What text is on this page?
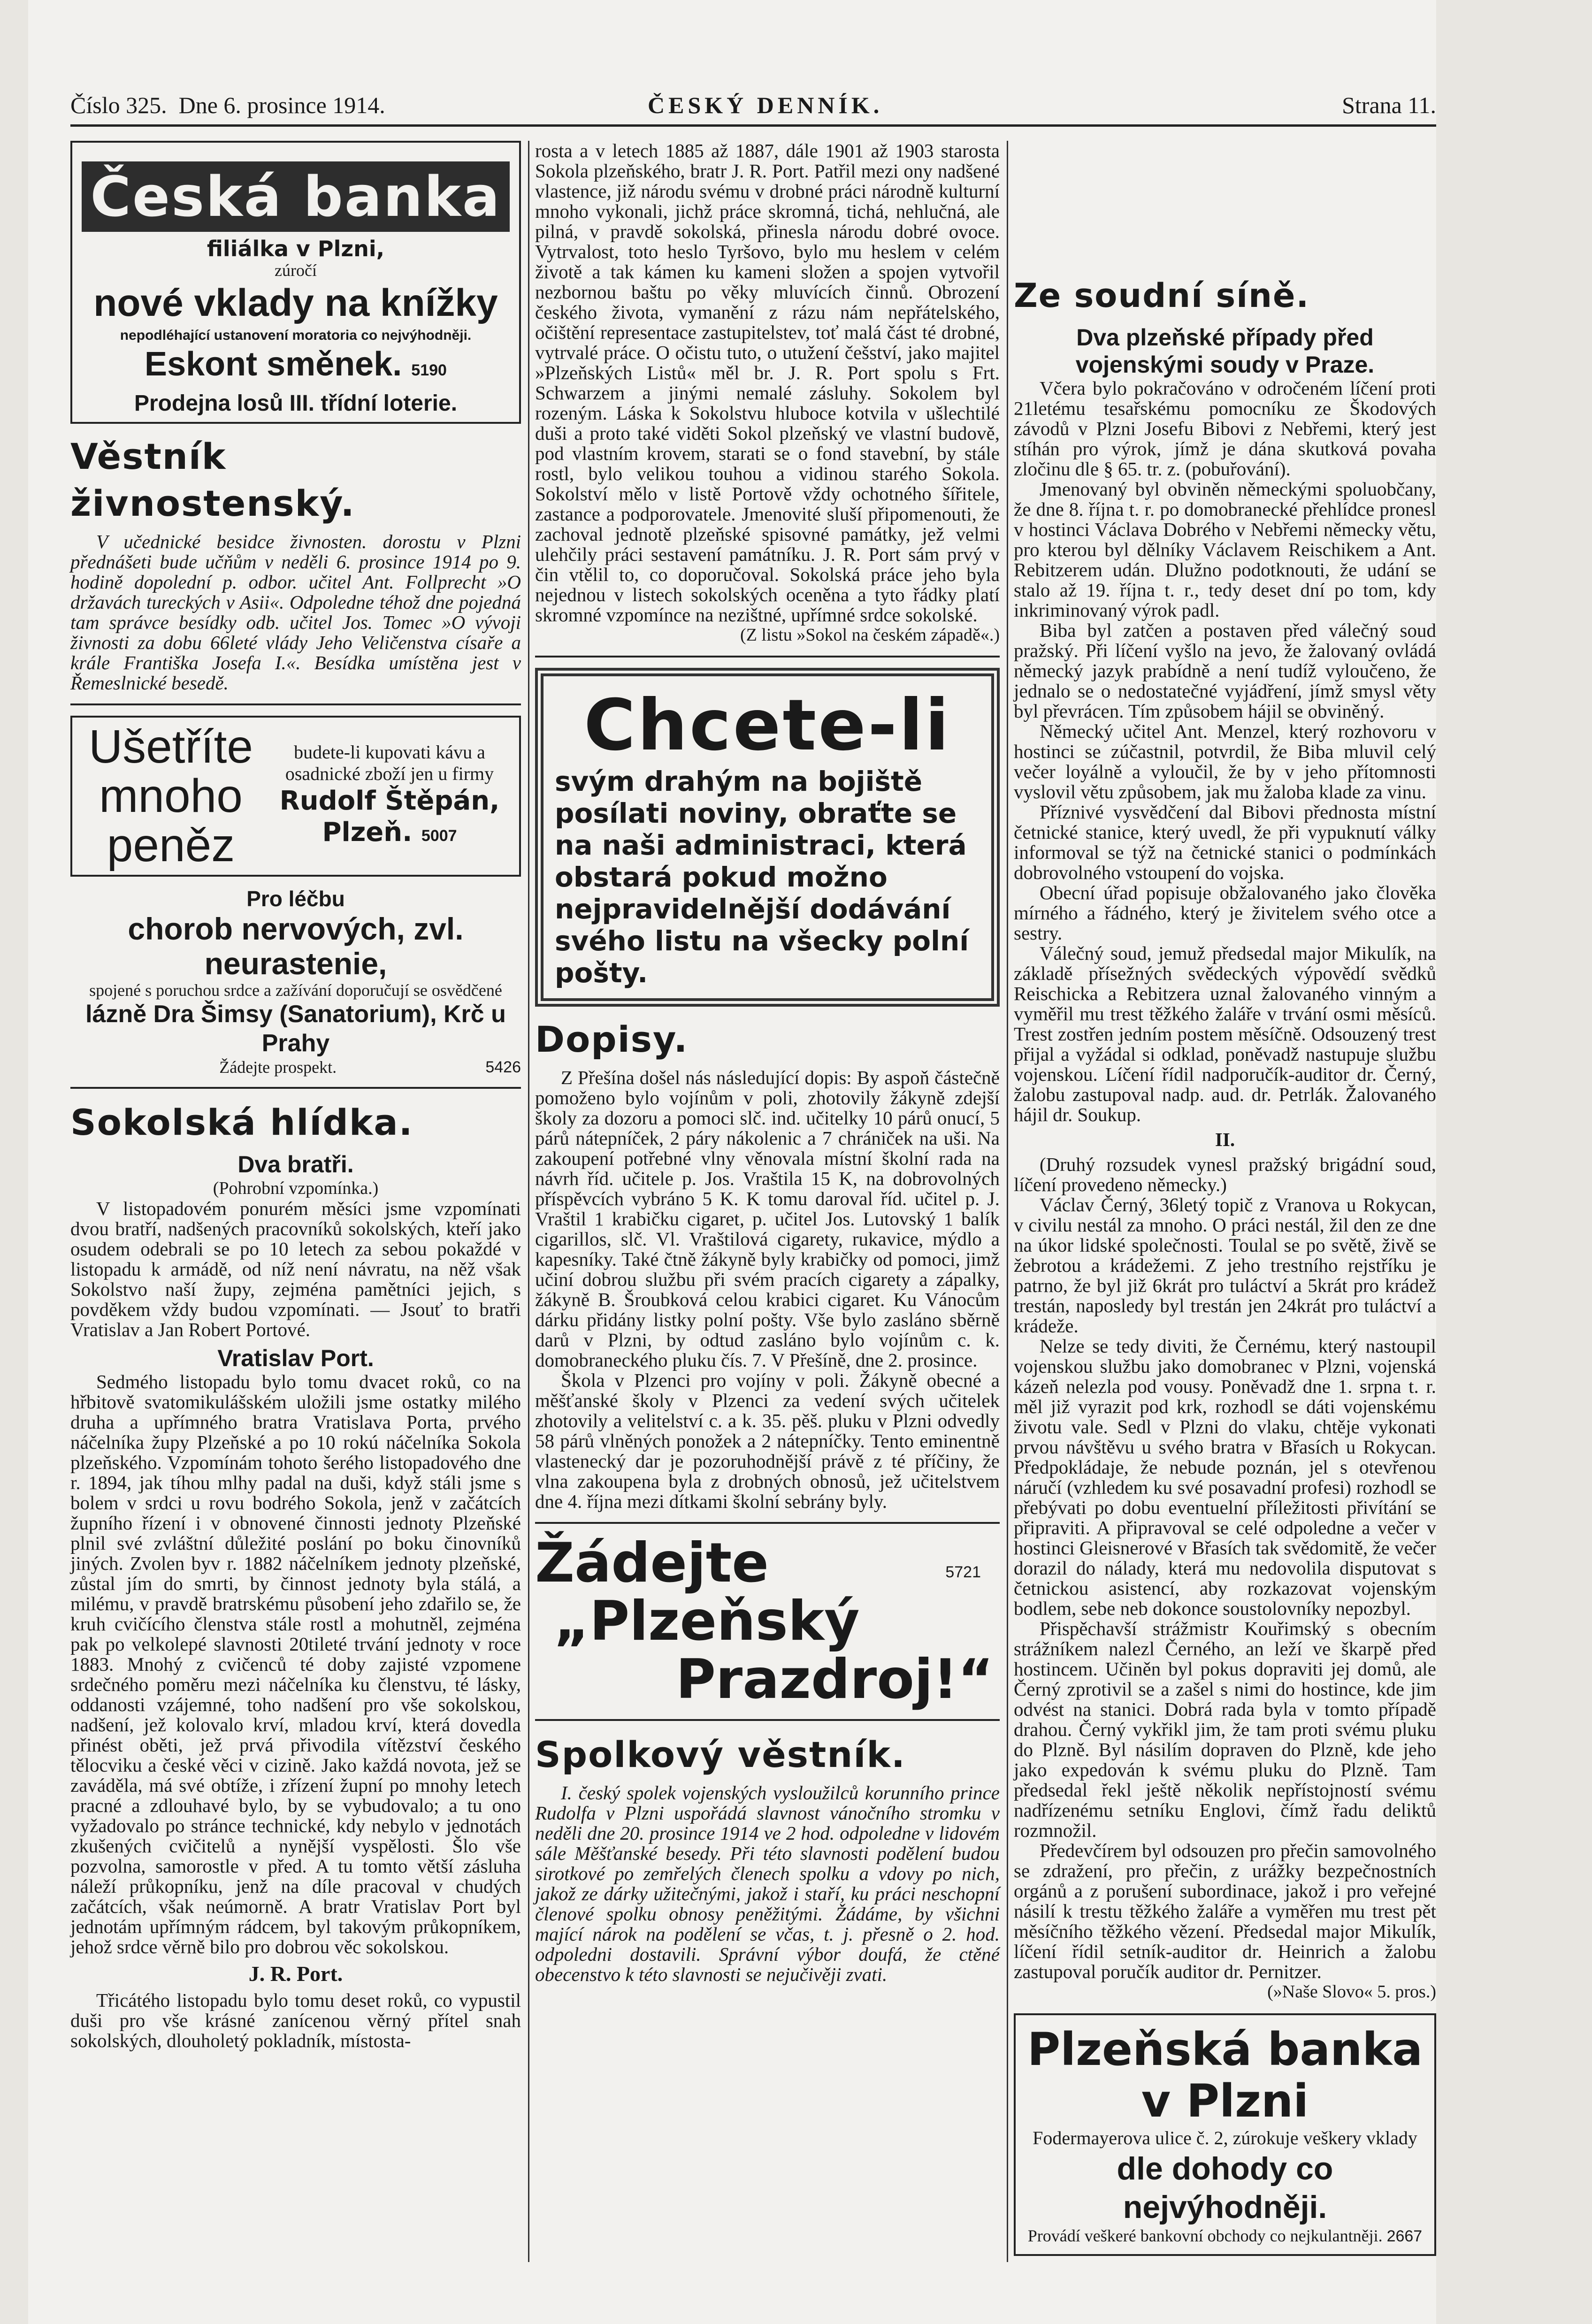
Číslo 325. Dne 6. prosince 1914.	ČESKÝ DENNÍK.	Strana 11.
Česká banka
filiálka v Plzni,
zúročí
nové vklady na knížky
nepodléhající ustanovení moratoria co nejvýhodněji.
Eskont směnek. 5190
Prodejna losů III. třídní loterie.
Věstník živnostenský.

V učednické besidce živnosten. dorostu v Plzni přednášeti bude učňům v neděli 6. prosince 1914 po 9. hodině dopolední p. odbor. učitel Ant. Follprecht »O državách tureckých v Asii«. Odpoledne téhož dne pojedná tam správce besídky odb. učitel Jos. Tomec »O vývoji živnosti za dobu 66leté vlády Jeho Veličenstva císaře a krále Františka Josefa I.«. Besídka umístěna jest v Řemeslnické besedě.

Ušetříte mnoho peněz
budete-li kupovati kávu a osadnické zboží jen u firmy
Rudolf Štěpán,
Plzeň. 5007
Pro léčbu
chorob nervových, zvl. neurastenie,
spojené s poruchou srdce a zažívání doporučují se osvědčené
lázně Dra Šimsy (Sanatorium), Krč u Prahy
Žádejte prospekt.	5426
Sokolská hlídka.
Dva bratři.
(Pohrobní vzpomínka.)

V listopadovém ponurém měsíci jsme vzpomínati dvou bratří, nadšených pracovníků sokolských, kteří jako osudem odebrali se po 10 letech za sebou pokaždé v listopadu k armádě, od níž není návratu, na něž však Sokolstvo naší župy, zejména pamětníci jejich, s povděkem vždy budou vzpomínati. — Jsouť to bratři Vratislav a Jan Robert Portové.

Vratislav Port.

Sedmého listopadu bylo tomu dvacet roků, co na hřbitově svatomikulášském uložili jsme ostatky milého druha a upřímného bratra Vratislava Porta, prvého náčelníka župy Plzeňské a po 10 rokú náčelníka Sokola plzeňského. Vzpomínám tohoto šerého listopadového dne r. 1894, jak tíhou mlhy padal na duši, když stáli jsme s bolem v srdci u rovu bodrého Sokola, jenž v začátcích župního řízení i v obnovené činnosti jednoty Plzeňské plnil své zvláštní důležité poslání po boku činovníků jiných. Zvolen byv r. 1882 náčelníkem jednoty plzeňské, zůstal jím do smrti, by činnost jednoty byla stálá, a milému, v pravdě bratrskému působení jeho zdařilo se, že kruh cvičícího členstva stále rostl a mohutněl, zejména pak po velkolepé slavnosti 20tileté trvání jednoty v roce 1883. Mnohý z cvičenců té doby zajisté vzpomene srdečného poměru mezi náčelníka ku členstvu, té lásky, oddanosti vzájemné, toho nadšení pro vše sokolskou, nadšení, jež kolovalo krví, mladou krví, která dovedla přinést oběti, jež prvá přivodila vítězství českého tělocviku a české věci v cizině. Jako každá novota, jež se zaváděla, má své obtíže, i zřízení župní po mnohy letech pracné a zdlouhavé bylo, by se vybudovalo; a tu ono vyžadovalo po stránce technické, kdy nebylo v jednotách zkušených cvičitelů a nynější vyspělosti. Šlo vše pozvolna, samorostle v před. A tu tomto větší zásluha náleží průkopníku, jenž na díle pracoval v chudých začátcích, však neúmorně. A bratr Vratislav Port byl jednotám upřímným rádcem, byl takovým průkopníkem, jehož srdce věrně bilo pro dobrou věc sokolskou.

J. R. Port.

Třicátého listopadu bylo tomu deset roků, co vypustil duši pro vše krásné zanícenou věrný přítel snah sokolských, dlouholetý pokladník, místosta-

rosta a v letech 1885 až 1887, dále 1901 až 1903 starosta Sokola plzeňského, bratr J. R. Port. Patřil mezi ony nadšené vlastence, již národu svému v drobné práci národně kulturní mnoho vykonali, jichž práce skromná, tichá, nehlučná, ale pilná, v pravdě sokolská, přinesla národu dobré ovoce. Vytrvalost, toto heslo Tyršovo, bylo mu heslem v celém životě a tak kámen ku kameni složen a spojen vytvořil nezbornou baštu po věky mluvících činnů. Obrození českého života, vymanění z rázu nám nepřátelského, očištění representace zastupitelstev, toť malá část té drobné, vytrvalé práce. O očistu tuto, o utužení češství, jako majitel »Plzeňských Listů« měl br. J. R. Port spolu s Frt. Schwarzem a jinými nemalé zásluhy. Sokolem byl rozeným. Láska k Sokolstvu hluboce kotvila v ušlechtilé duši a proto také viděti Sokol plzeňský ve vlastní budově, pod vlastním krovem, starati se o fond stavební, by stále rostl, bylo velikou touhou a vidinou starého Sokola. Sokolství mělo v listě Portově vždy ochotného šířitele, zastance a podporovatele. Jmenovité sluší připomenouti, že zachoval jednotě plzeňské spisovné památky, jež velmi ulehčily práci sestavení památníku. J. R. Port sám prvý v čin vtělil to, co doporučoval. Sokolská práce jeho byla nejednou v listech sokolských oceněna a tyto řádky platí skromné vzpomínce na nezištné, upřímné srdce sokolské.

(Z listu »Sokol na českém západě«.)
Chcete-li
svým drahým na bojiště posílati noviny, obraťte se na naši administraci, která obstará pokud možno nejpravidelnější dodávání svého listu na všecky polní pošty.
Dopisy.

Z Přešína došel nás následující dopis: By aspoň částečně pomoženo bylo vojínům v poli, zhotovily žákyně zdejší školy za dozoru a pomoci slč. ind. učitelky 10 párů onucí, 5 párů nátepníček, 2 páry nákolenic a 7 chrániček na uši. Na zakoupení potřebné vlny věnovala místní školní rada na návrh říd. učitele p. Jos. Vraštila 15 K, na dobrovolných příspěvcích vybráno 5 K. K tomu daroval říd. učitel p. J. Vraštil 1 krabičku cigaret, p. učitel Jos. Lutovský 1 balík cigarillos, slč. Vl. Vraštilová cigarety, rukavice, mýdlo a kapesníky. Také čtně žákyně byly krabičky od pomoci, jimž učiní dobrou službu při svém pracích cigarety a zápalky, žákyně B. Šroubková celou krabici cigaret. Ku Vánocům dárku přidány listky polní pošty. Vše bylo zasláno sběrně darů v Plzni, by odtud zasláno bylo vojínům c. k. domobraneckého pluku čís. 7. V Přešíně, dne 2. prosince.

Škola v Plzenci pro vojíny v poli. Žákyně obecné a měšťanské školy v Plzenci za vedení svých učitelek zhotovily a velitelství c. a k. 35. pěš. pluku v Plzni odvedly 58 párů vlněných ponožek a 2 nátepníčky. Tento eminentně vlastenecký dar je pozoruhodnější právě z té příčiny, že vlna zakoupena byla z drobných obnosů, jež učitelstvem dne 4. října mezi dítkami školní sebrány byly.

Žádejte	5721
„Plzeňský
Prazdroj!“
Spolkový věstník.

I. český spolek vojenských vysloužilců korunního prince Rudolfa v Plzni uspořádá slavnost vánočního stromku v neděli dne 20. prosince 1914 ve 2 hod. odpoledne v lidovém sále Měšťanské besedy. Při této slavnosti podělení budou sirotkové po zemřelých členech spolku a vdovy po nich, jakož ze dárky užitečnými, jakož i staří, ku práci neschopní členové spolku obnosy peněžitými. Žádáme, by všichni mající nárok na podělení se včas, t. j. přesně o 2. hod. odpoledni dostavili. Správní výbor doufá, že ctěné obecenstvo k této slavnosti se nejučivěji zvati.

Ze soudní síně.
Dva plzeňské případy před vojenskými soudy v Praze.

Včera bylo pokračováno v odročeném líčení proti 21letému tesařskému pomocníku ze Škodových závodů v Plzni Josefu Bibovi z Nebřemi, který jest stíhán pro výrok, jímž je dána skutková povaha zločinu dle § 65. tr. z. (pobuřování).

Jmenovaný byl obviněn německými spoluobčany, že dne 8. října t. r. po domobranecké přehlídce pronesl v hostinci Václava Dobrého v Nebřemi německy větu, pro kterou byl dělníky Václavem Reischikem a Ant. Rebitzerem udán. Dlužno podotknouti, že udání se stalo až 19. října t. r., tedy deset dní po tom, kdy inkriminovaný výrok padl.

Biba byl zatčen a postaven před válečný soud pražský. Při líčení vyšlo na jevo, že žalovaný ovládá německý jazyk prabídně a není tudíž vyloučeno, že jednalo se o nedostatečné vyjádření, jímž smysl věty byl převrácen. Tím způsobem hájil se obviněný.

Německý učitel Ant. Menzel, který rozhovoru v hostinci se zúčastnil, potvrdil, že Biba mluvil celý večer loyálně a vyloučil, že by v jeho přítomnosti vyslovil větu způsobem, jak mu žaloba klade za vinu.

Příznivé vysvědčení dal Bibovi přednosta místní četnické stanice, který uvedl, že při vypuknutí války informoval se týž na četnické stanici o podmínkách dobrovolného vstoupení do vojska.

Obecní úřad popisuje obžalovaného jako člověka mírného a řádného, který je živitelem svého otce a sestry.

Válečný soud, jemuž předsedal major Mikulík, na základě přísežných svědeckých výpovědí svědků Reischicka a Rebitzera uznal žalovaného vinným a vyměřil mu trest těžkého žaláře v trvání osmi měsíců. Trest zostřen jedním postem měsíčně. Odsouzený trest přijal a vyžádal si odklad, poněvadž nastupuje službu vojenskou. Líčení řídil nadporučík-auditor dr. Černý, žalobu zastupoval nadp. aud. dr. Petrlák. Žalovaného hájil dr. Soukup.

II.

(Druhý rozsudek vynesl pražský brigádní soud, líčení provedeno německy.)

Václav Černý, 36letý topič z Vranova u Rokycan, v civilu nestál za mnoho. O práci nestál, žil den ze dne na úkor lidské společnosti. Toulal se po světě, živě se žebrotou a krádežemi. Z jeho trestního rejstříku je patrno, že byl již 6krát pro tuláctví a 5krát pro krádež trestán, naposledy byl trestán jen 24krát pro tuláctví a krádeže.

Nelze se tedy diviti, že Černému, který nastoupil vojenskou službu jako domobranec v Plzni, vojenská kázeň nelezla pod vousy. Poněvadž dne 1. srpna t. r. měl již vyrazit pod krk, rozhodl se dáti vojenskému životu vale. Sedl v Plzni do vlaku, chtěje vykonati prvou návštěvu u svého bratra v Břasích u Rokycan. Předpokládaje, že nebude poznán, jel s otevřenou náručí (vzhledem ku své posavadní profesi) rozhodl se přebývati po dobu eventuelní příležitosti přivítání se připraviti. A připravoval se celé odpoledne a večer v hostinci Gleisnerové v Břasích tak svědomitě, že večer dorazil do nálady, která mu nedovolila disputovat s četnickou asistencí, aby rozkazovat vojenským bodlem, sebe neb dokonce soustolovníky nepozbyl.

Přispěchavší strážmistr Kouřimský s obecním strážníkem nalezl Černého, an leží ve škarpě před hostincem. Učiněn byl pokus dopraviti jej domů, ale Černý zprotivil se a zašel s nimi do hostince, kde jim odvést na stanici. Dobrá rada byla v tomto případě drahou. Černý vykřikl jim, že tam proti svému pluku do Plzně. Byl násilím dopraven do Plzně, kde jeho jako expedován k svému pluku do Plzně. Tam předsedal řekl ještě několik nepřístojností svému nadřízenému setníku Englovi, čímž řadu deliktů rozmnožil.

Předevčírem byl odsouzen pro přečin samovolného se zdražení, pro přečin, z urážky bezpečnostních orgánů a z porušení subordinace, jakož i pro veřejné násilí k trestu těžkého žaláře a vyměřen mu trest pět měsíčního těžkého vězení. Předsedal major Mikulík, líčení řídil setník-auditor dr. Heinrich a žalobu zastupoval poručík auditor dr. Pernitzer.

(»Naše Slovo« 5. pros.)
Plzeňská banka
v Plzni
Fodermayerova ulice č. 2, zúrokuje veškery vklady
dle dohody co nejvýhodněji.
Provádí veškeré bankovní obchody co nejkulantněji. 2667
